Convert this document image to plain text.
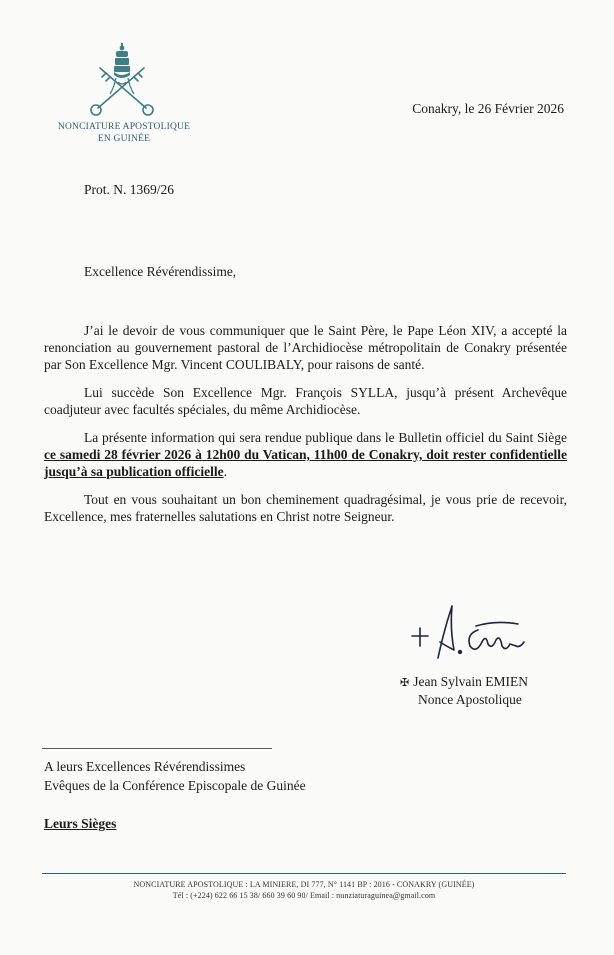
NONCIATURE APOSTOLIQUE
EN GUINÉE
Conakry, le 26 Février 2026
Prot. N. 1369/26
Excellence Révérendissime,

J’ai le devoir de vous communiquer que le Saint Père, le Pape Léon XIV, a accepté la renonciation au gouvernement pastoral de l’Archidiocèse métropolitain de Conakry présentée par Son Excellence Mgr. Vincent COULIBALY, pour raisons de santé.

Lui succède Son Excellence Mgr. François SYLLA, jusqu’à présent Archevêque coadjuteur avec facultés spéciales, du même Archidiocèse.

La présente information qui sera rendue publique dans le Bulletin officiel du Saint Siège ce samedi 28 février 2026 à 12h00 du Vatican, 11h00 de Conakry, doit rester confidentielle jusqu’à sa publication officielle.

Tout en vous souhaitant un bon cheminement quadragésimal, je vous prie de recevoir, Excellence, mes fraternelles salutations en Christ notre Seigneur.

✠ Jean Sylvain EMIEN
Nonce Apostolique
A leurs Excellences Révérendissimes
Evêques de la Conférence Episcopale de Guinée
Leurs Sièges
NONCIATURE APOSTOLIQUE : LA MINIERE, DI 777, N° 1141 BP : 2016 - CONAKRY (GUINÉE)
Tél : (+224) 622 66 15 38/ 660 39 60 90/ Email : nunziaturaguinea@gmail.com
